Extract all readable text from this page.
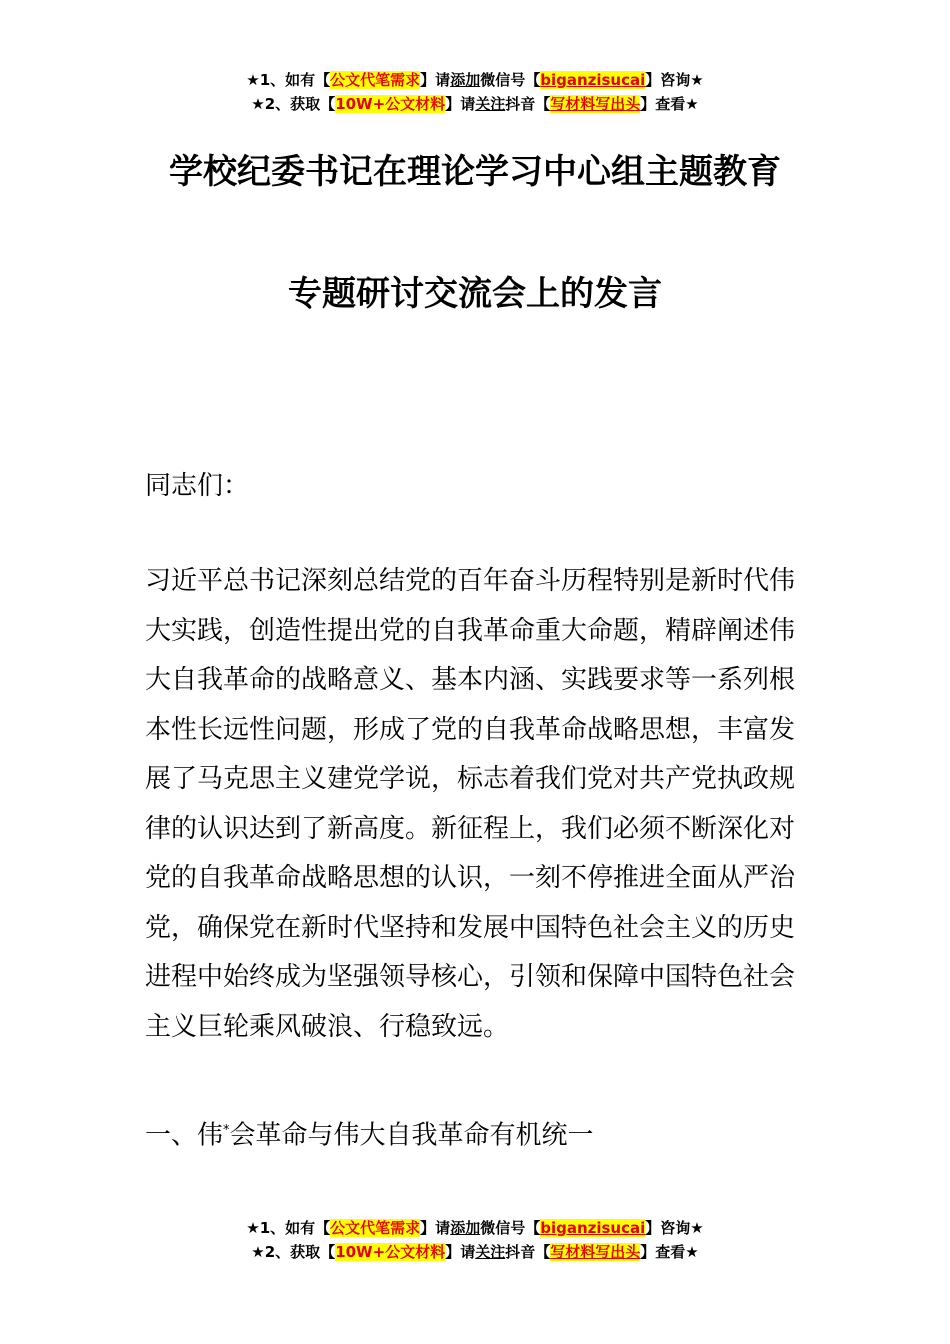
★1、如有【公文代笔需求】请添加微信号【biganzisucai】咨询★
★2、获取【10W+公文材料】请关注抖音【写材料写出头】查看★
学校纪委书记在理论学习中心组主题教育
专题研讨交流会上的发言
同志们：
习近平总书记深刻总结党的百年奋斗历程特别是新时代伟大实践，创造性提出党的自我革命重大命题，精辟阐述伟大自我革命的战略意义、基本内涵、实践要求等一系列根本性长远性问题，形成了党的自我革命战略思想，丰富发展了马克思主义建党学说，标志着我们党对共产党执政规律的认识达到了新高度。新征程上，我们必须不断深化对党的自我革命战略思想的认识，一刻不停推进全面从严治党，确保党在新时代坚持和发展中国特色社会主义的历史进程中始终成为坚强领导核心，引领和保障中国特色社会主义巨轮乘风破浪、行稳致远。
一、伟*会革命与伟大自我革命有机统一
★1、如有【公文代笔需求】请添加微信号【biganzisucai】咨询★
★2、获取【10W+公文材料】请关注抖音【写材料写出头】查看★
